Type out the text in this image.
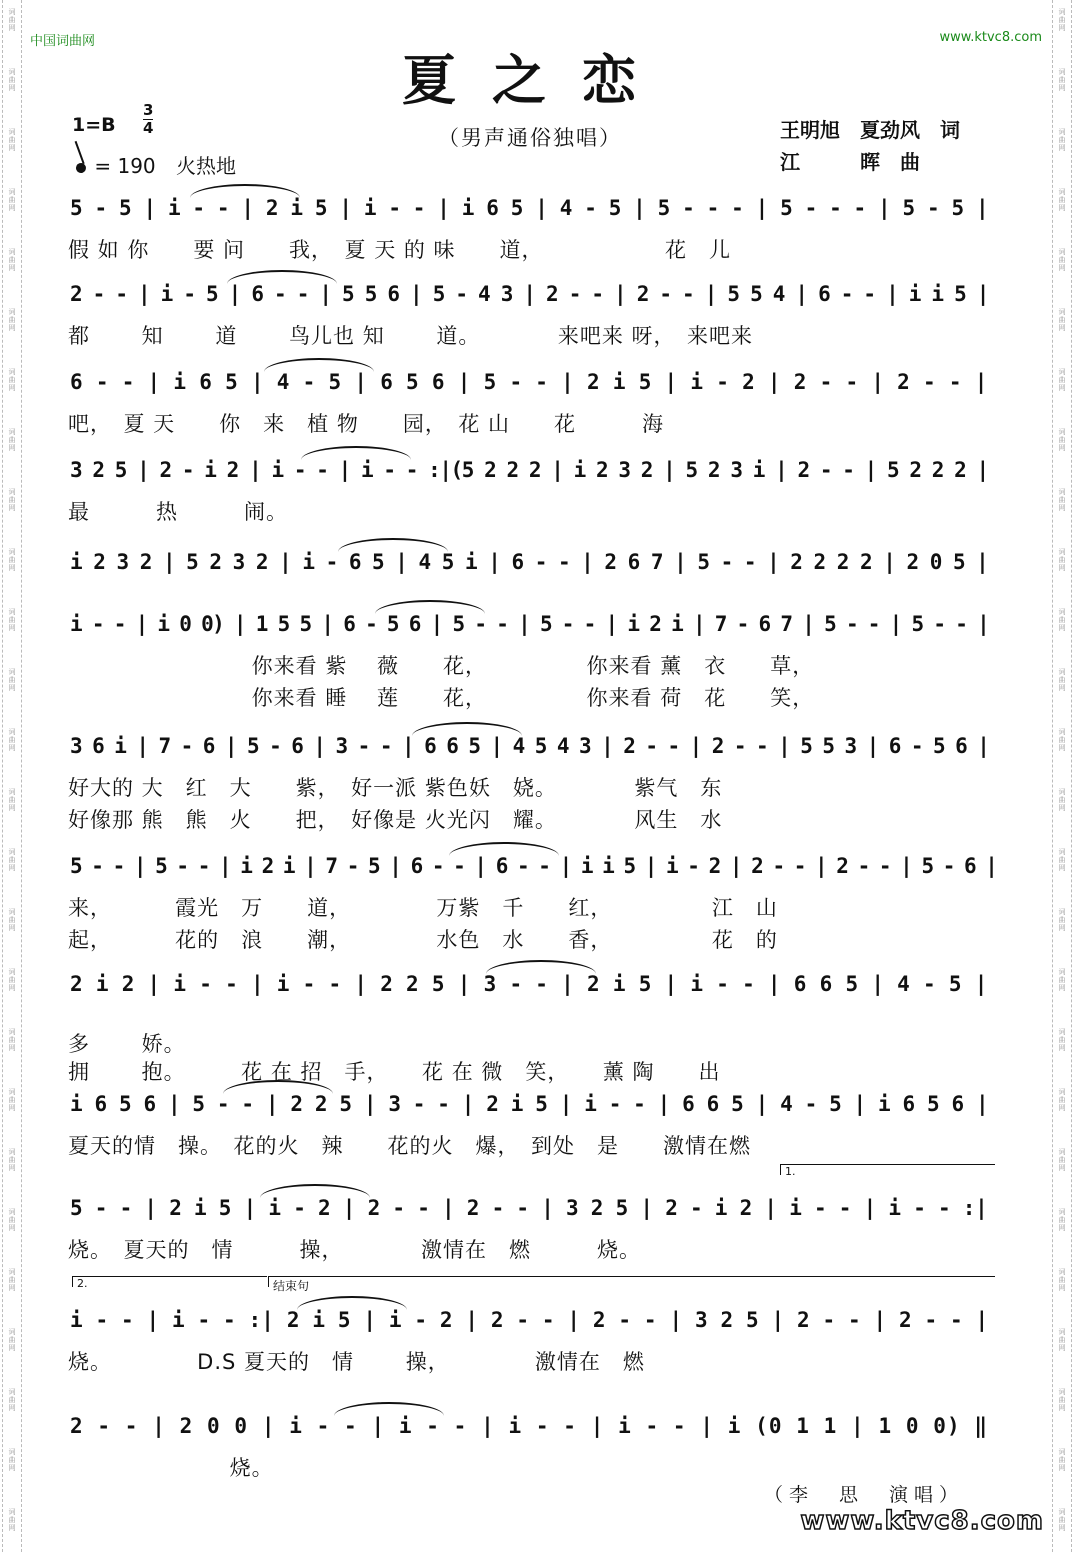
词
曲
网
词
曲
网
词
曲
网
词
曲
网
词
曲
网
词
曲
网
词
曲
网
词
曲
网
词
曲
网
词
曲
网
词
曲
网
词
曲
网
词
曲
网
词
曲
网
词
曲
网
词
曲
网
词
曲
网
词
曲
网
词
曲
网
词
曲
网
词
曲
网
词
曲
网
词
曲
网
词
曲
网
词
曲
网
词
曲
网
词
曲
网
词
曲
网
词
曲
网
词
曲
网
词
曲
网
词
曲
网
词
曲
网
词
曲
网
词
曲
网
词
曲
网
词
曲
网
词
曲
网
词
曲
网
词
曲
网
词
曲
网
词
曲
网
词
曲
网
词
曲
网
词
曲
网
词
曲
网
词
曲
网
词
曲
网
词
曲
网
词
曲
网
词
曲
网
词
曲
网
中国词曲网	www.ktvc8.com
夏之恋
1=B
3
4	（男声通俗独唱）
= 190 火热地
王明旭　夏劲风　词
江　　　晖　曲
5 - 5 | i - - | 2 i 5 | i - - | i 6 5 | 4 - 5 | 5 - - - | 5 - - - | 5 - 5 |
假 如 你　　要 问　　我，　夏 天 的 味　　道，　　　　　　花　儿
2 - - | i - 5 | 6 - - | 5 5 6 | 5 - 4 3 | 2 - - | 2 - - | 5 5 4 | 6 - - | i i 5 |
都　　 知　　 道　　 鸟儿也 知　　 道。　　　　来吧来 呀，　来吧来
6 - - | i 6 5 | 4 - 5 | 6 5 6 | 5 - - | 2 i 5 | i - 2 | 2 - - | 2 - - |
吧，　夏 天　　你　来　植 物　　园，　花 山　　花　　　海
3 2 5 | 2 - i 2 | i - - | i - - :|(5 2 2 2 | i 2 3 2 | 5 2 3 i | 2 - - | 5 2 2 2 |
最　　　热　　　闹。
i 2 3 2 | 5 2 3 2 | i - 6 5 | 4 5 i | 6 - - | 2 6 7 | 5 - - | 2 2 2 2 | 2 0 5 |
i - - | i 0 0) | 1 5 5 | 6 - 5 6 | 5 - - | 5 - - | i 2 i | 7 - 6 7 | 5 - - | 5 - - |
　　　　　　　　 你来看 紫　 薇　　花，　　　　　你来看 薰　衣　　草，
　　　　　　　　 你来看 睡　 莲　　花，　　　　　你来看 荷　花　　笑，
3 6 i | 7 - 6 | 5 - 6 | 3 - - | 6 6 5 | 4 5 4 3 | 2 - - | 2 - - | 5 5 3 | 6 - 5 6 |
好大的 大　红　大　　紫，　好一派 紫色妖　娆。　　　　紫气　东
好像那 熊　熊　火　　把，　好像是 火光闪　耀。　　　　风生　水
5 - - | 5 - - | i 2 i | 7 - 5 | 6 - - | 6 - - | i i 5 | i - 2 | 2 - - | 2 - - | 5 - 6 |
来，　　　 霞光　万　　道，　　　　 万紫　千　　红，　　　　　江　山
起，　　　 花的　浪　　潮，　　　　 水色　水　　香，　　　　　花　的
2 i 2 | i - - | i - - | 2 2 5 | 3 - - | 2 i 5 | i - - | 6 6 5 | 4 - 5 |
多　　 娇。
拥　　 抱。　　　花 在 招　手，　　花 在 微　笑，　　薰 陶　　出
i 6 5 6 | 5 - - | 2 2 5 | 3 - - | 2 i 5 | i - - | 6 6 5 | 4 - 5 | i 6 5 6 |
夏天的情　操。　花的火　辣　　花的火　爆，　到处　是　　激情在燃
5 - - | 2 i 5 | i - 2 | 2 - - | 2 - - | 3 2 5 | 2 - i 2 | i - - | i - - :|
烧。　夏天的　情　　　操，　　　　激情在　燃　　　烧。
i - - | i - - :| 2 i 5 | i - 2 | 2 - - | 2 - - | 3 2 5 | 2 - - | 2 - - |
烧。　　　　 D.S 夏天的　情　　 操，　　　　 激情在　燃
2 - - | 2 0 0 | i - - | i - - | i - - | i - - | i (0 1 1 | 1 0 0) ‖
　　　　　　　 烧。
1.
2.	结束句
（李　思　演唱）
www.ktvc8.com
